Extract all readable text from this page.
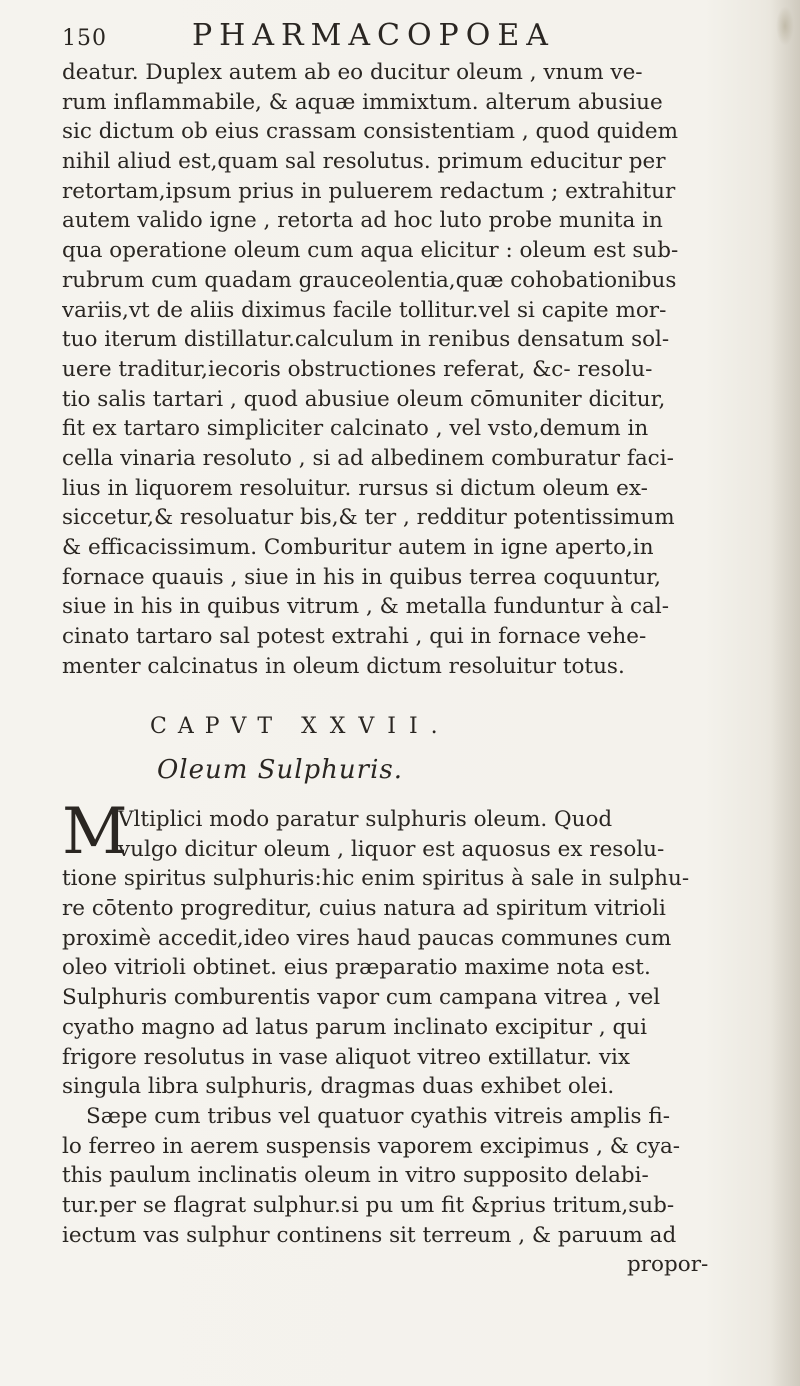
150	PHARMACOPOEA
deatur. Duplex autem ab eo ducitur oleum , vnum ve-
rum inflammabile, & aquæ immixtum. alterum abusiue
sic dictum ob eius crassam consistentiam , quod quidem
nihil aliud est,quam sal resolutus. primum educitur per
retortam,ipsum prius in puluerem redactum ; extrahitur
autem valido igne , retorta ad hoc luto probe munita in
qua operatione oleum cum aqua elicitur : oleum est sub-
rubrum cum quadam grauceolentia,quæ cohobationibus
variis,vt de aliis diximus facile tollitur.vel si capite mor-
tuo iterum distillatur.calculum in renibus densatum sol-
uere traditur,iecoris obstructiones referat, &c- resolu-
tio salis tartari , quod abusiue oleum cōmuniter dicitur,
fit ex tartaro simpliciter calcinato , vel vsto,demum in
cella vinaria resoluto , si ad albedinem comburatur faci-
lius in liquorem resoluitur. rursus si dictum oleum ex-
siccetur,& resoluatur bis,& ter , redditur potentissimum
& efficacissimum. Comburitur autem in igne aperto,in
fornace quauis , siue in his in quibus terrea coquuntur,
siue in his in quibus vitrum , & metalla funduntur à cal-
cinato tartaro sal potest extrahi , qui in fornace vehe-
menter calcinatus in oleum dictum resoluitur totus.
CAPVT XXVII.
Oleum Sulphuris.
M
Vltiplici modo paratur sulphuris oleum. Quod
vulgo dicitur oleum , liquor est aquosus ex resolu-
tione spiritus sulphuris:hic enim spiritus à sale in sulphu-
re cōtento progreditur, cuius natura ad spiritum vitrioli
proximè accedit,ideo vires haud paucas communes cum
oleo vitrioli obtinet. eius præparatio maxime nota est.
Sulphuris comburentis vapor cum campana vitrea , vel
cyatho magno ad latus parum inclinato excipitur , qui
frigore resolutus in vase aliquot vitreo extillatur. vix
singula libra sulphuris, dragmas duas exhibet olei.
Sæpe cum tribus vel quatuor cyathis vitreis amplis fi-
lo ferreo in aerem suspensis vaporem excipimus , & cya-
this paulum inclinatis oleum in vitro supposito delabi-
tur.per se flagrat sulphur.si pu um fit &prius tritum,sub-
iectum vas sulphur continens sit terreum , & paruum ad
propor-
